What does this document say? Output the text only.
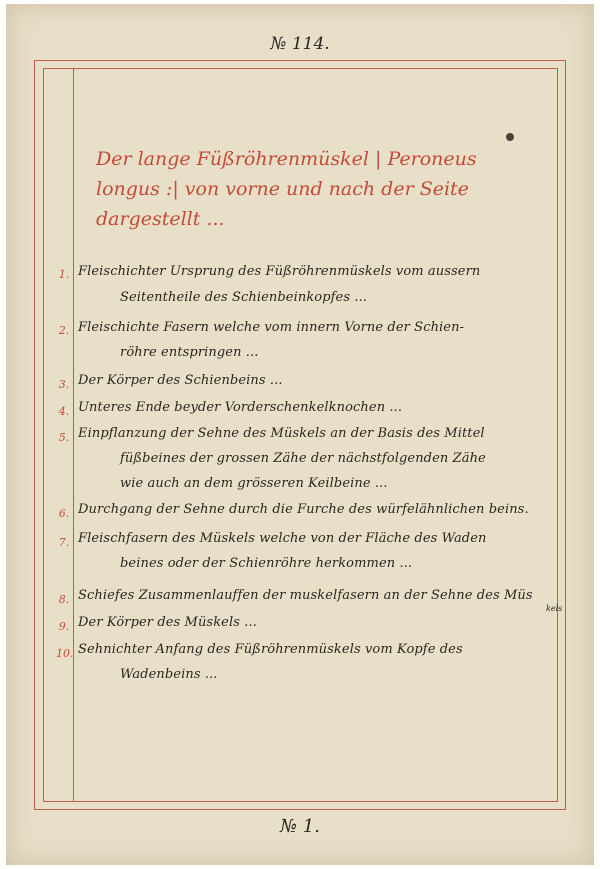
№ 114.
Der lange Füßröhrenmüskel | Peroneus
longus :| von vorne und nach der Seite
dargestellt ...
1. Fleischichter Ursprung des Füßröhrenmüskels vom aussern
Seitentheile des Schienbeinkopfes ...
2. Fleischichte Fasern welche vom innern Vorne der Schien-
röhre entspringen ...
3. Der Körper des Schienbeins ...
4. Unteres Ende beyder Vorderschenkelknochen ...
5. Einpflanzung der Sehne des Müskels an der Basis des Mittel
füßbeines der grossen Zähe der nächstfolgenden Zähe
wie auch an dem grösseren Keilbeine ...
6. Durchgang der Sehne durch die Furche des würfelähnlichen beins.
7. Fleischfasern des Müskels welche von der Fläche des Waden
beines oder der Schienröhre herkommen ...
8. Schiefes Zusammenlauffen der muskelfasern an der Sehne des Müs
kels
9. Der Körper des Müskels ...
10. Sehnichter Anfang des Füßröhrenmüskels vom Kopfe des
Wadenbeins ...
№ 1.
